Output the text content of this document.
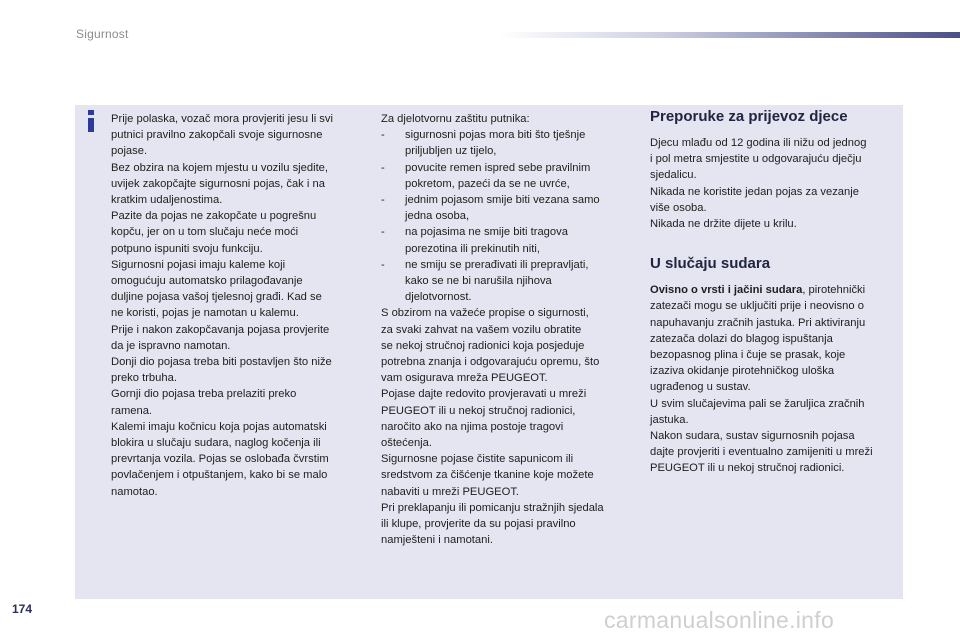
Sigurnost

Prije polaska, vozač mora provjeriti jesu li svi
putnici pravilno zakopčali svoje sigurnosne
pojase.
Bez obzira na kojem mjestu u vozilu sjedite,
uvijek zakopčajte sigurnosni pojas, čak i na
kratkim udaljenostima.
Pazite da pojas ne zakopčate u pogrešnu
kopču, jer on u tom slučaju neće moći
potpuno ispuniti svoju funkciju.
Sigurnosni pojasi imaju kaleme koji
omogućuju automatsko prilagođavanje
duljine pojasa vašoj tjelesnoj građi. Kad se
ne koristi, pojas je namotan u kalemu.
Prije i nakon zakopčavanja pojasa provjerite
da je ispravno namotan.
Donji dio pojasa treba biti postavljen što niže
preko trbuha.
Gornji dio pojasa treba prelaziti preko
ramena.
Kalemi imaju kočnicu koja pojas automatski
blokira u slučaju sudara, naglog kočenja ili
prevrtanja vozila. Pojas se oslobađa čvrstim
povlačenjem i otpuštanjem, kako bi se malo
namotao.

Za djelotvornu zaštitu putnika:

- sigurnosni pojas mora biti što tješnje
priljubljen uz tijelo,
- povucite remen ispred sebe pravilnim
pokretom, pazeći da se ne uvrće,
- jednim pojasom smije biti vezana samo
jedna osoba,
- na pojasima ne smije biti tragova
porezotina ili prekinutih niti,
- ne smiju se prerađivati ili prepravljati,
kako se ne bi narušila njihova
djelotvornost.

S obzirom na važeće propise o sigurnosti,
za svaki zahvat na vašem vozilu obratite
se nekoj stručnoj radionici koja posjeduje
potrebna znanja i odgovarajuću opremu, što
vam osigurava mreža PEUGEOT.
Pojase dajte redovito provjeravati u mreži
PEUGEOT ili u nekoj stručnoj radionici,
naročito ako na njima postoje tragovi
oštećenja.
Sigurnosne pojase čistite sapunicom ili
sredstvom za čišćenje tkanine koje možete
nabaviti u mreži PEUGEOT.
Pri preklapanju ili pomicanju stražnjih sjedala
ili klupe, provjerite da su pojasi pravilno
namješteni i namotani.

Preporuke za prijevoz djece

Djecu mlađu od 12 godina ili nižu od jednog
i pol metra smjestite u odgovarajuću dječju
sjedalicu.
Nikada ne koristite jedan pojas za vezanje
više osoba.
Nikada ne držite dijete u krilu.

U slučaju sudara

Ovisno o vrsti i jačini sudara, pirotehnički
zatezači mogu se uključiti prije i neovisno o
napuhavanju zračnih jastuka. Pri aktiviranju
zatezača dolazi do blagog ispuštanja
bezopasnog plina i čuje se prasak, koje
izaziva okidanje pirotehničkog uloška
ugrađenog u sustav.
U svim slučajevima pali se žaruljica zračnih
jastuka.
Nakon sudara, sustav sigurnosnih pojasa
dajte provjeriti i eventualno zamijeniti u mreži
PEUGEOT ili u nekoj stručnoj radionici.

174	carmanualsonline.info
